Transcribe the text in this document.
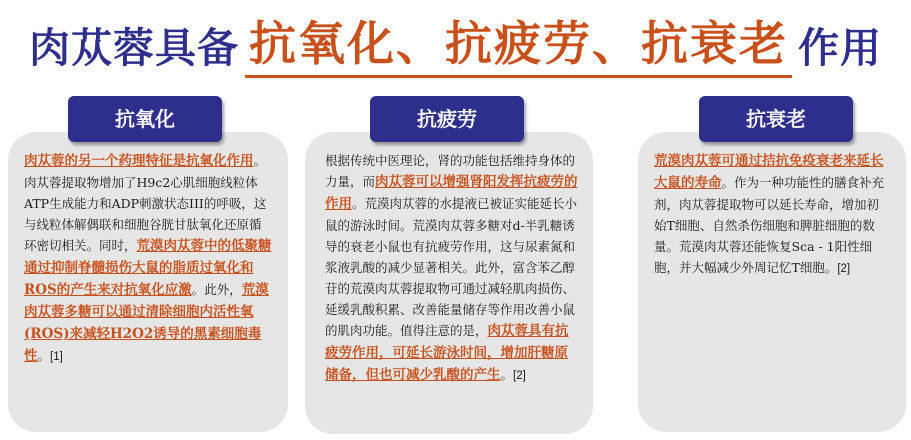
肉苁蓉具备 抗氧化、抗疲劳、抗衰老 作用
抗氧化
肉苁蓉的另一个药理特征是抗氧化作用。肉苁蓉提取物增加了H9c2心肌细胞线粒体ATP生成能力和ADP刺激状态III的呼吸，这与线粒体解偶联和细胞谷胱甘肽氧化还原循环密切相关。同时，荒漠肉苁蓉中的低聚糖通过抑制脊髓损伤大鼠的脂质过氧化和ROS的产生来对抗氧化应激。此外，荒漠肉苁蓉多糖可以通过清除细胞内活性氧(ROS)来减轻H2O2诱导的黑素细胞毒性。[1]
抗疲劳
根据传统中医理论，肾的功能包括维持身体的力量，而肉苁蓉可以增强肾阳发挥抗疲劳的作用。荒漠肉苁蓉的水提液已被证实能延长小鼠的游泳时间。荒漠肉苁蓉多糖对d-半乳糖诱导的衰老小鼠也有抗疲劳作用，这与尿素氮和浆液乳酸的减少显著相关。此外，富含苯乙醇苷的荒漠肉苁蓉提取物可通过减轻肌肉损伤、延缓乳酸积累、改善能量储存等作用改善小鼠的肌肉功能。值得注意的是，肉苁蓉具有抗疲劳作用，可延长游泳时间，增加肝糖原储备，但也可减少乳酸的产生。[2]
抗衰老
荒漠肉苁蓉可通过拮抗免疫衰老来延长大鼠的寿命。作为一种功能性的膳食补充剂，肉苁蓉提取物可以延长寿命，增加初始T细胞、自然杀伤细胞和脾脏细胞的数量。荒漠肉苁蓉还能恢复Sca - 1阳性细胞，并大幅减少外周记忆T细胞。[2]
